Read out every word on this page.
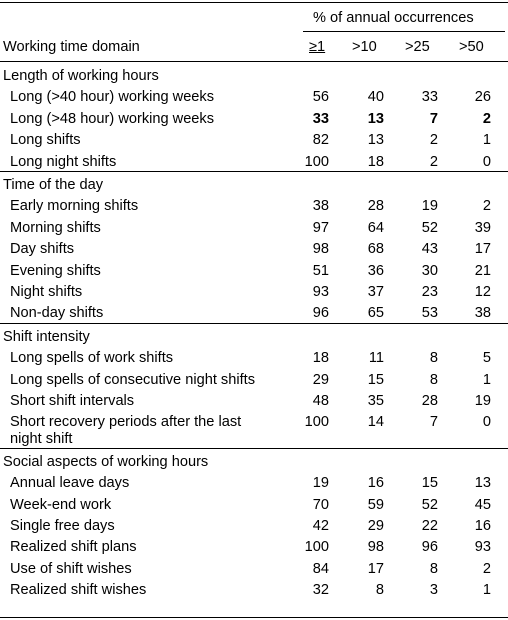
% of annual occurrences
Working time domain	≥1 >10 >25 >50
Length of working hours
Long (>40 hour) working weeks	56	40	33	26
Long (>48 hour) working weeks	33	13	7	2
Long shifts	82	13	2	1
Long night shifts	100	18	2	0
Time of the day
Early morning shifts	38	28	19	2
Morning shifts	97	64	52	39
Day shifts	98	68	43	17
Evening shifts	51	36	30	21
Night shifts	93	37	23	12
Non-day shifts	96	65	53	38
Shift intensity
Long spells of work shifts	18	11	8	5
Long spells of consecutive night shifts	29	15	8	1
Short shift intervals	48	35	28	19
Short recovery periods after the last	100	14	7	0
night shift
Social aspects of working hours
Annual leave days	19	16	15	13
Week-end work	70	59	52	45
Single free days	42	29	22	16
Realized shift plans	100	98	96	93
Use of shift wishes	84	17	8	2
Realized shift wishes	32	8	3	1
